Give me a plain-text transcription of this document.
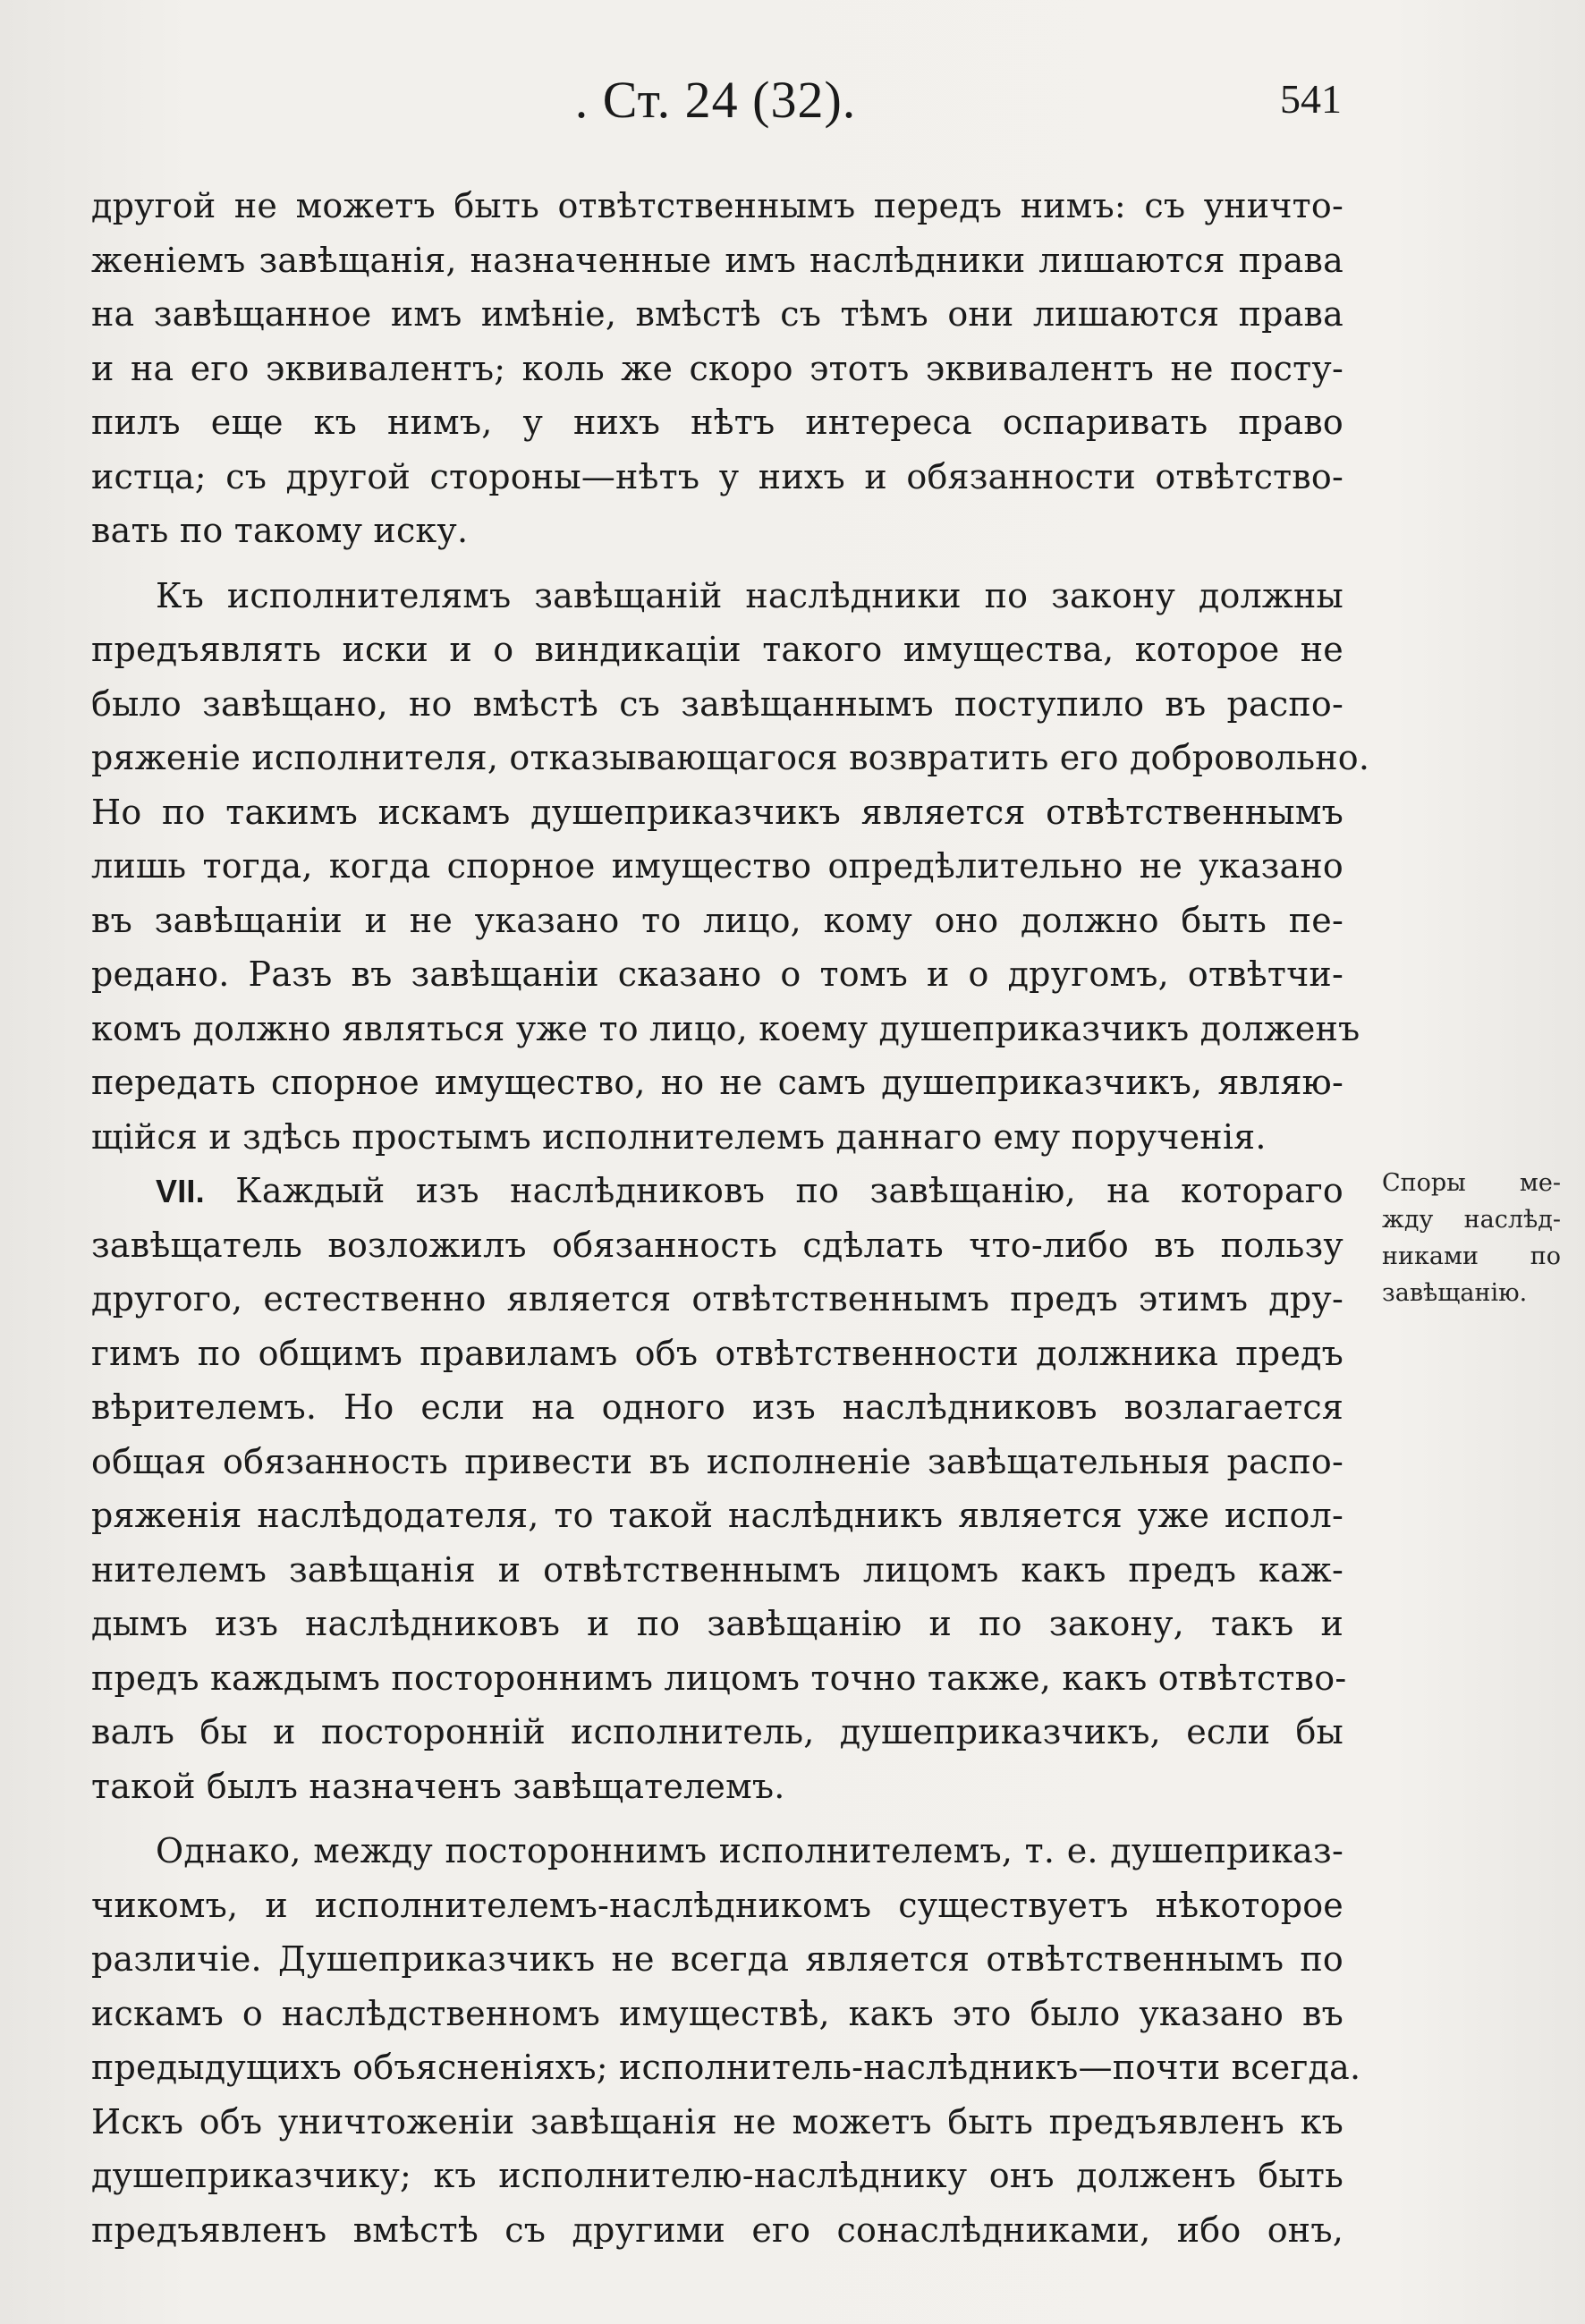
. Ст. 24 (32).	541
другой не можетъ быть отвѣтственнымъ передъ нимъ: съ уничто-
женіемъ завѣщанія, назначенные имъ наслѣдники лишаются права
на завѣщанное имъ имѣніе, вмѣстѣ съ тѣмъ они лишаются права
и на его эквивалентъ; коль же скоро этотъ эквивалентъ не посту-
пилъ еще къ нимъ, у нихъ нѣтъ интереса оспаривать право
истца; съ другой стороны—нѣтъ у нихъ и обязанности отвѣтство-
вать по такому иску.
Къ исполнителямъ завѣщаній наслѣдники по закону должны
предъявлять иски и о виндикаціи такого имущества, которое не
было завѣщано, но вмѣстѣ съ завѣщаннымъ поступило въ распо-
ряженіе исполнителя, отказывающагося возвратить его добровольно.
Но по такимъ искамъ душеприказчикъ является отвѣтственнымъ
лишь тогда, когда спорное имущество опредѣлительно не указано
въ завѣщаніи и не указано то лицо, кому оно должно быть пе-
редано. Разъ въ завѣщаніи сказано о томъ и о другомъ, отвѣтчи-
комъ должно являться уже то лицо, коему душеприказчикъ долженъ
передать спорное имущество, но не самъ душеприказчикъ, являю-
щійся и здѣсь простымъ исполнителемъ даннаго ему порученія.
VII. Каждый изъ наслѣдниковъ по завѣщанію, на котораго
завѣщатель возложилъ обязанность сдѣлать что-либо въ пользу
другого, естественно является отвѣтственнымъ предъ этимъ дру-
гимъ по общимъ правиламъ объ отвѣтственности должника предъ
вѣрителемъ. Но если на одного изъ наслѣдниковъ возлагается
общая обязанность привести въ исполненіе завѣщательныя распо-
ряженія наслѣдодателя, то такой наслѣдникъ является уже испол-
нителемъ завѣщанія и отвѣтственнымъ лицомъ какъ предъ каж-
дымъ изъ наслѣдниковъ и по завѣщанію и по закону, такъ и
предъ каждымъ постороннимъ лицомъ точно также, какъ отвѣтство-
валъ бы и посторонній исполнитель, душеприказчикъ, если бы
такой былъ назначенъ завѣщателемъ.
Однако, между постороннимъ исполнителемъ, т. е. душеприказ-
чикомъ, и исполнителемъ-наслѣдникомъ существуетъ нѣкоторое
различіе. Душеприказчикъ не всегда является отвѣтственнымъ по
искамъ о наслѣдственномъ имуществѣ, какъ это было указано въ
предыдущихъ объясненіяхъ; исполнитель-наслѣдникъ—почти всегда.
Искъ объ уничтоженіи завѣщанія не можетъ быть предъявленъ къ
душеприказчику; къ исполнителю-наслѣднику онъ долженъ быть
предъявленъ вмѣстѣ съ другими его сонаслѣдниками, ибо онъ,
Споры ме-
жду наслѣд-
никами по
завѣщанію.
